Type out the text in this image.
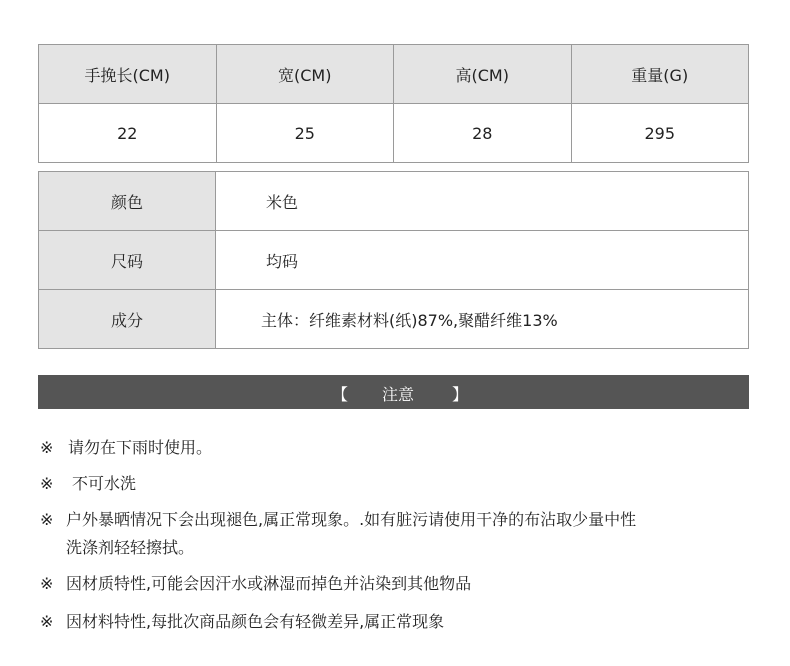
手挽长(CM)	宽(CM)	高(CM)	重量(G)
22	25	28	295
颜色	米色
尺码	均码
成分	主体：纤维素材料(纸)87%,聚醋纤维13%
【 注意 】
※ 请勿在下雨时使用。
※ 不可水洗
※ 户外暴晒情况下会出现褪色,属正常现象。.如有脏污请使用干净的布沾取少量中性
洗涤剂轻轻擦拭。
※ 因材质特性,可能会因汗水或淋湿而掉色并沾染到其他物品
※ 因材料特性,每批次商品颜色会有轻微差异,属正常现象
